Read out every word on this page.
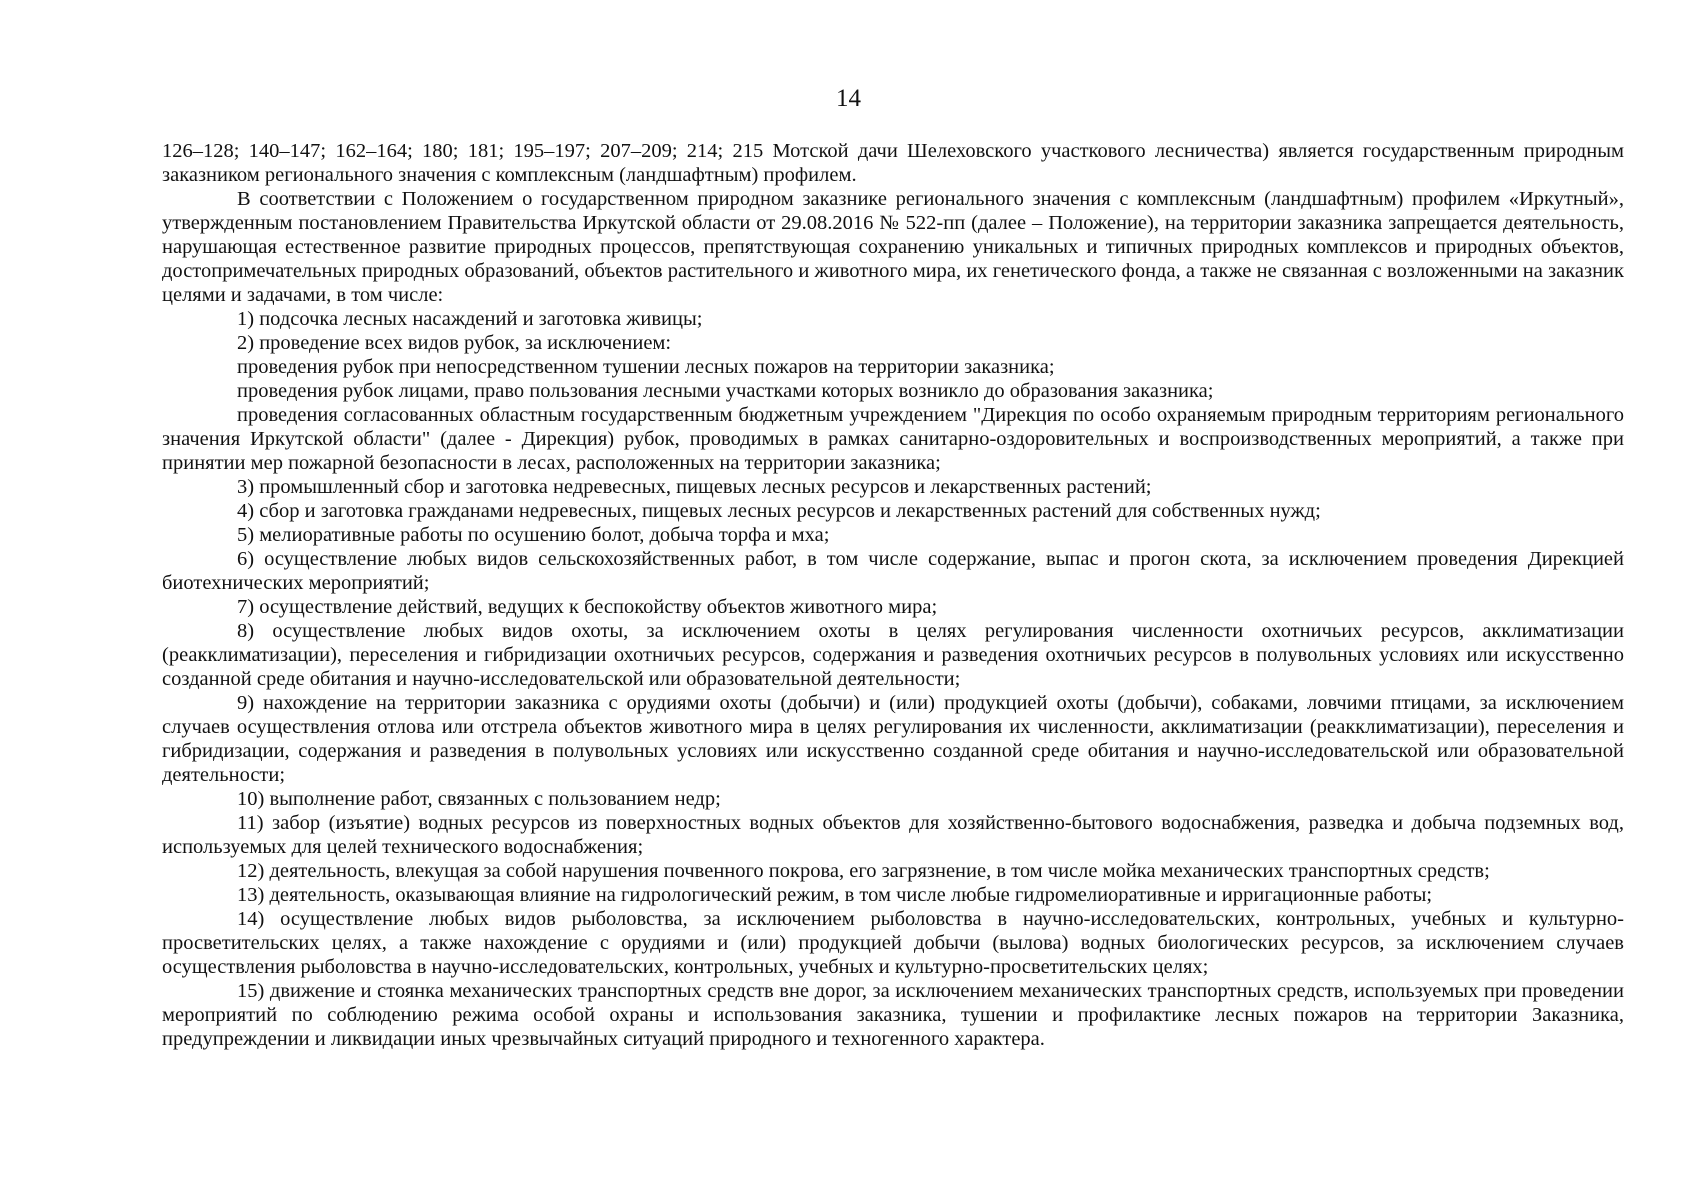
14

126–128; 140–147; 162–164; 180; 181; 195–197; 207–209; 214; 215 Мотской дачи Шелеховского участкового лесничества) является государственным природным заказником регионального значения с комплексным (ландшафтным) профилем.

В соответствии с Положением о государственном природном заказнике регионального значения с комплексным (ландшафтным) профилем «Иркутный», утвержденным постановлением Правительства Иркутской области от 29.08.2016 № 522-пп (далее – Положение), на территории заказника запрещается деятельность, нарушающая естественное развитие природных процессов, препятствующая сохранению уникальных и типичных природных комплексов и природных объектов, достопримечательных природных образований, объектов растительного и животного мира, их генетического фонда, а также не связанная с возложенными на заказник целями и задачами, в том числе:

1) подсочка лесных насаждений и заготовка живицы;

2) проведение всех видов рубок, за исключением:

проведения рубок при непосредственном тушении лесных пожаров на территории заказника;

проведения рубок лицами, право пользования лесными участками которых возникло до образования заказника;

проведения согласованных областным государственным бюджетным учреждением "Дирекция по особо охраняемым природным территориям регионального значения Иркутской области" (далее - Дирекция) рубок, проводимых в рамках санитарно-оздоровительных и воспроизводственных мероприятий, а также при принятии мер пожарной безопасности в лесах, расположенных на территории заказника;

3) промышленный сбор и заготовка недревесных, пищевых лесных ресурсов и лекарственных растений;

4) сбор и заготовка гражданами недревесных, пищевых лесных ресурсов и лекарственных растений для собственных нужд;

5) мелиоративные работы по осушению болот, добыча торфа и мха;

6) осуществление любых видов сельскохозяйственных работ, в том числе содержание, выпас и прогон скота, за исключением проведения Дирекцией биотехнических мероприятий;

7) осуществление действий, ведущих к беспокойству объектов животного мира;

8) осуществление любых видов охоты, за исключением охоты в целях регулирования численности охотничьих ресурсов, акклиматизации (реакклиматизации), переселения и гибридизации охотничьих ресурсов, содержания и разведения охотничьих ресурсов в полувольных условиях или искусственно созданной среде обитания и научно-исследовательской или образовательной деятельности;

9) нахождение на территории заказника с орудиями охоты (добычи) и (или) продукцией охоты (добычи), собаками, ловчими птицами, за исключением случаев осуществления отлова или отстрела объектов животного мира в целях регулирования их численности, акклиматизации (реакклиматизации), переселения и гибридизации, содержания и разведения в полувольных условиях или искусственно созданной среде обитания и научно-исследовательской или образовательной деятельности;

10) выполнение работ, связанных с пользованием недр;

11) забор (изъятие) водных ресурсов из поверхностных водных объектов для хозяйственно-бытового водоснабжения, разведка и добыча подземных вод, используемых для целей технического водоснабжения;

12) деятельность, влекущая за собой нарушения почвенного покрова, его загрязнение, в том числе мойка механических транспортных средств;

13) деятельность, оказывающая влияние на гидрологический режим, в том числе любые гидромелиоративные и ирригационные работы;

14) осуществление любых видов рыболовства, за исключением рыболовства в научно-исследовательских, контрольных, учебных и культурно-просветительских целях, а также нахождение с орудиями и (или) продукцией добычи (вылова) водных биологических ресурсов, за исключением случаев осуществления рыболовства в научно-исследовательских, контрольных, учебных и культурно-просветительских целях;

15) движение и стоянка механических транспортных средств вне дорог, за исключением механических транспортных средств, используемых при проведении мероприятий по соблюдению режима особой охраны и использования заказника, тушении и профилактике лесных пожаров на территории Заказника, предупреждении и ликвидации иных чрезвычайных ситуаций природного и техногенного характера.
